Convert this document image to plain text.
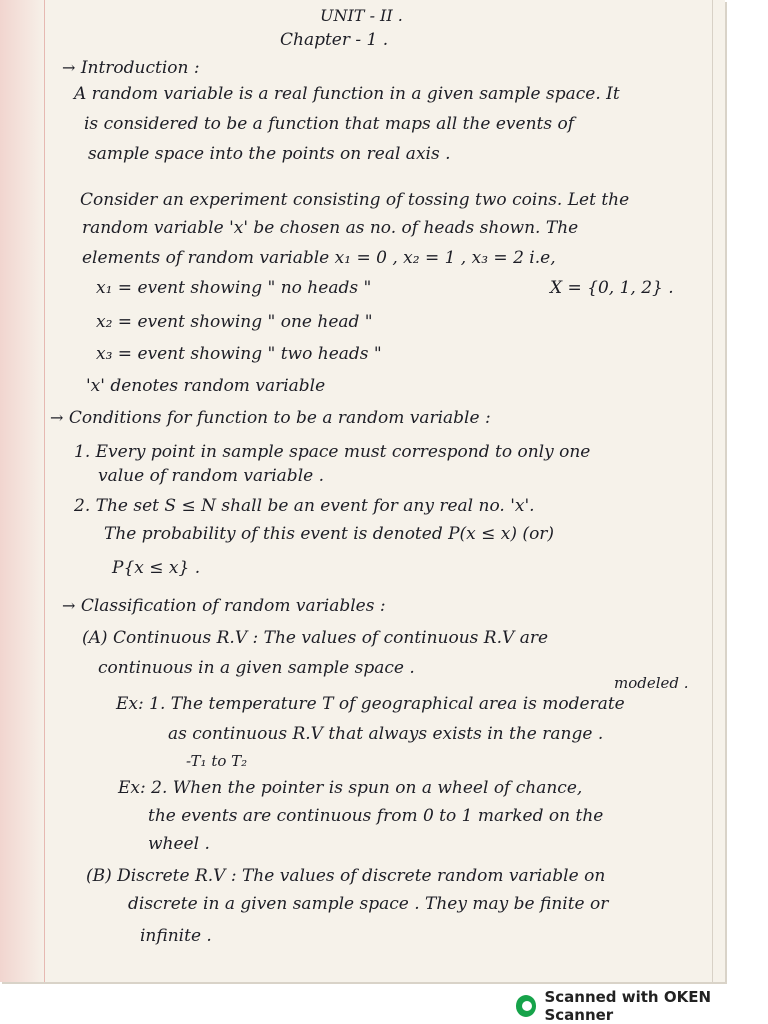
UNIT - II .

Chapter - 1 .

→ Introduction :

A random variable is a real function in a given sample space. It

is considered to be a function that maps all the events of

sample space into the points on real axis .

Consider an experiment consisting of tossing two coins. Let the

random variable 'x' be chosen as no. of heads shown. The

elements of random variable x₁ = 0 , x₂ = 1 , x₃ = 2 i.e,

x₁ = event showing " no heads "	X = {0, 1, 2} .

x₂ = event showing " one head "

x₃ = event showing " two heads "

'x' denotes random variable

→ Conditions for function to be a random variable :

1. Every point in sample space must correspond to only one

value of random variable .

2. The set S ≤ N shall be an event for any real no. 'x'.

The probability of this event is denoted P(x ≤ x) (or)

P{x ≤ x} .

→ Classification of random variables :

(A) Continuous R.V : The values of continuous R.V are

continuous in a given sample space .

modeled .

Ex: 1. The temperature T of geographical area is moderate

as continuous R.V that always exists in the range .

-T₁ to T₂

Ex: 2. When the pointer is spun on a wheel of chance,

the events are continuous from 0 to 1 marked on the

wheel .

(B) Discrete R.V : The values of discrete random variable on

discrete in a given sample space . They may be finite or

infinite .

Scanned with OKEN Scanner
